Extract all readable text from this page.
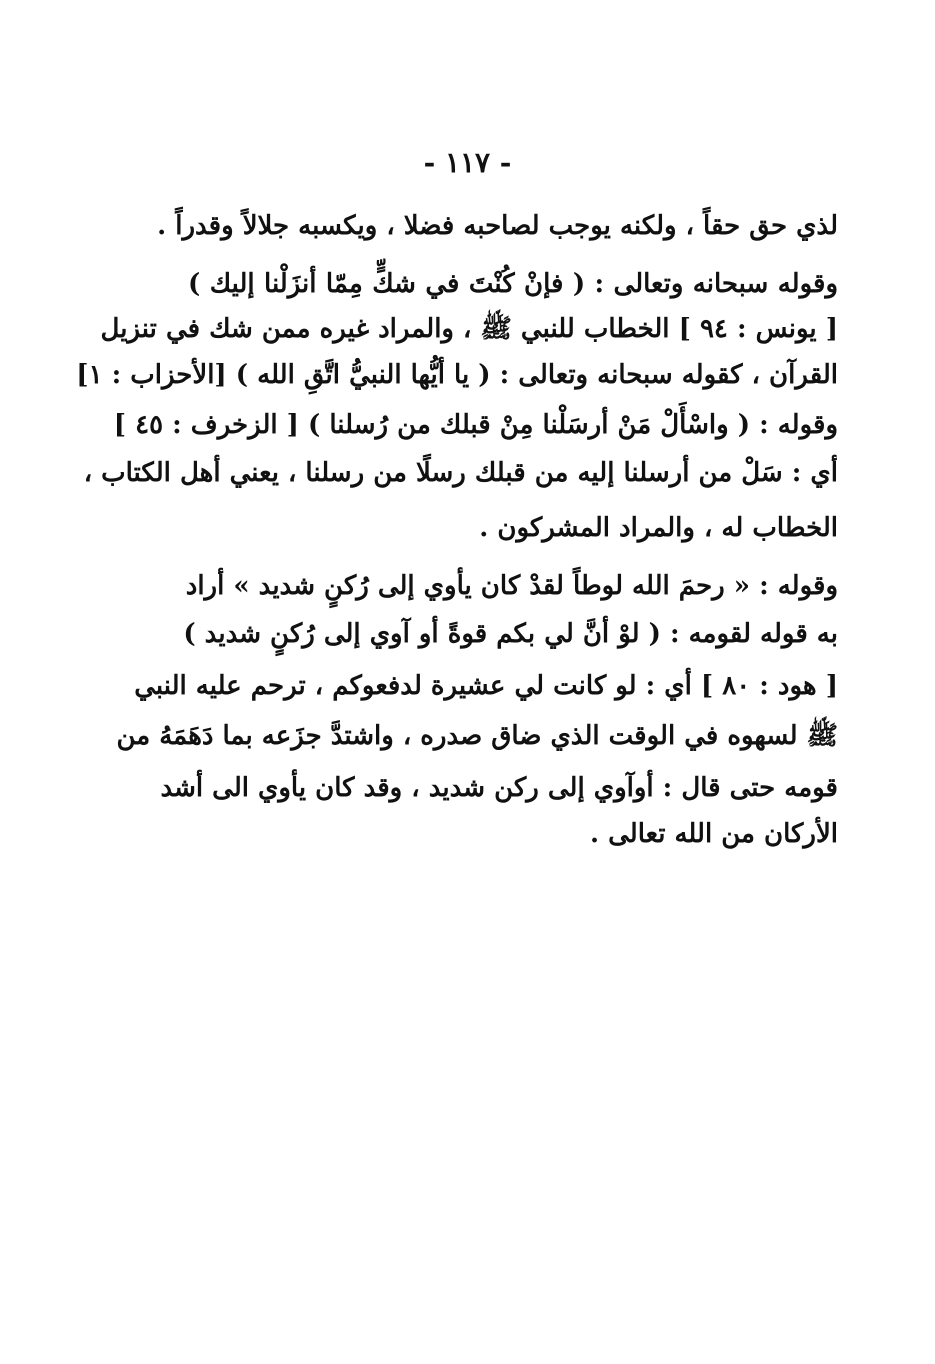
- ١١٧ -
لذي حق حقاً ، ولكنه يوجب لصاحبه فضلا ، ويكسبه جلالاً وقدراً .
وقوله سبحانه وتعالى : ( فإنْ كُنْتَ في شكٍّ مِمّا أنزَلْنا إليك )
[ يونس : ٩٤ ] الخطاب للنبي ﷺ ، والمراد غيره ممن شك في تنزيل
القرآن ، كقوله سبحانه وتعالى : ( يا أيُّها النبيُّ اتَّقِ الله ) [الأحزاب : ١]
وقوله : ( واسْأَلْ مَنْ أرسَلْنا مِنْ قبلك من رُسلنا ) [ الزخرف : ٤٥ ]
أي : سَلْ من أرسلنا إليه من قبلك رسلًا من رسلنا ، يعني أهل الكتاب ،
الخطاب له ، والمراد المشركون .
وقوله : « رحمَ الله لوطاً لقدْ كان يأوي إلى رُكنٍ شديد » أراد
به قوله لقومه : ( لوْ أنَّ لي بكم قوةً أو آوي إلى رُكنٍ شديد )
[ هود : ٨٠ ] أي : لو كانت لي عشيرة لدفعوكم ، ترحم عليه النبي
ﷺ لسهوه في الوقت الذي ضاق صدره ، واشتدَّ جزَعه بما دَهَمَهُ من
قومه حتى قال : أوآوي إلى ركن شديد ، وقد كان يأوي الى أشد
الأركان من الله تعالى .
